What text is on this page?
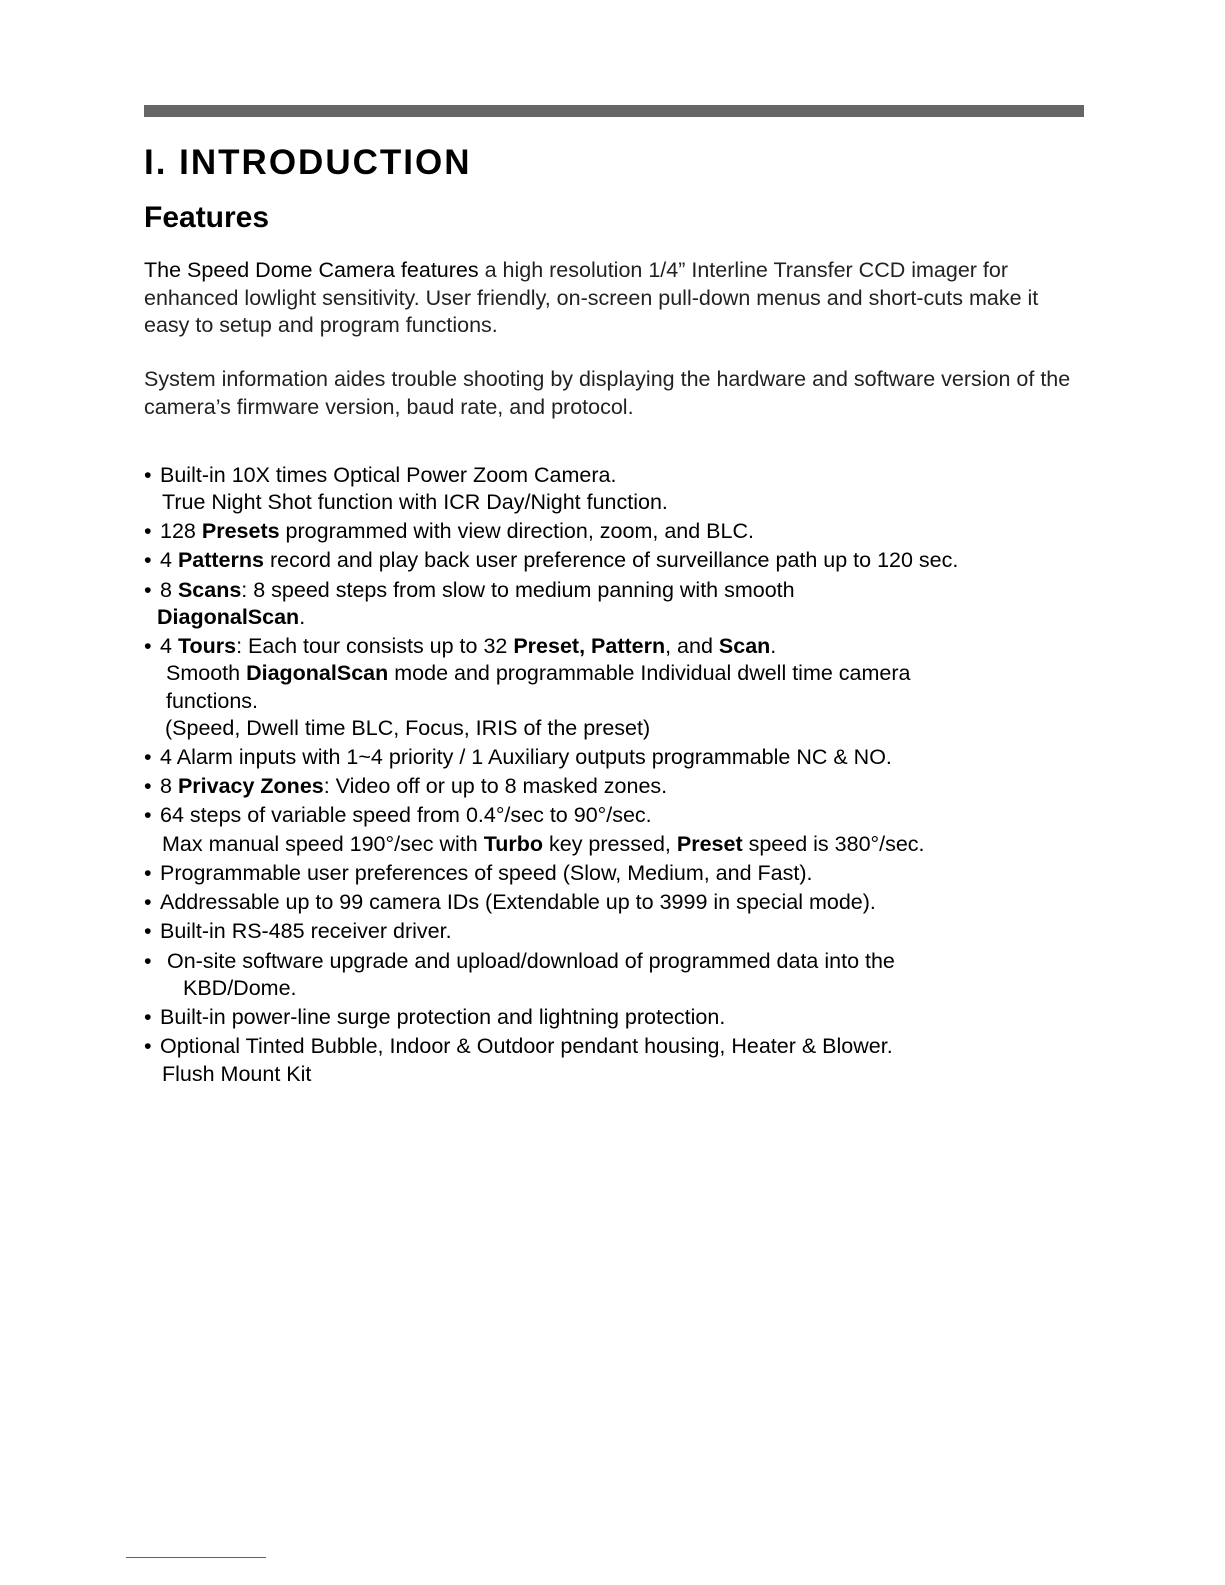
I. INTRODUCTION
Features

The Speed Dome Camera features a high resolution 1/4” Interline Transfer CCD imager for enhanced lowlight sensitivity. User friendly, on-screen pull-down menus and short-cuts make it easy to setup and program functions.

System information aides trouble shooting by displaying the hardware and software version of the camera’s firmware version, baud rate, and protocol.

• Built-in 10X times Optical Power Zoom Camera.
True Night Shot function with ICR Day/Night function.
• 128 Presets programmed with view direction, zoom, and BLC.
• 4 Patterns record and play back user preference of surveillance path up to 120 sec.
• 8 Scans: 8 speed steps from slow to medium panning with smooth
DiagonalScan.
• 4 Tours: Each tour consists up to 32 Preset, Pattern, and Scan.
Smooth DiagonalScan mode and programmable Individual dwell time camera
functions.
(Speed, Dwell time BLC, Focus, IRIS of the preset)
• 4 Alarm inputs with 1~4 priority / 1 Auxiliary outputs programmable NC & NO.
• 8 Privacy Zones: Video off or up to 8 masked zones.
• 64 steps of variable speed from 0.4°/sec to 90°/sec.
Max manual speed 190°/sec with Turbo key pressed, Preset speed is 380°/sec.
• Programmable user preferences of speed (Slow, Medium, and Fast).
• Addressable up to 99 camera IDs (Extendable up to 3999 in special mode).
• Built-in RS-485 receiver driver.
• On-site software upgrade and upload/download of programmed data into the
KBD/Dome.
• Built-in power-line surge protection and lightning protection.
• Optional Tinted Bubble, Indoor & Outdoor pendant housing, Heater & Blower.
Flush Mount Kit
